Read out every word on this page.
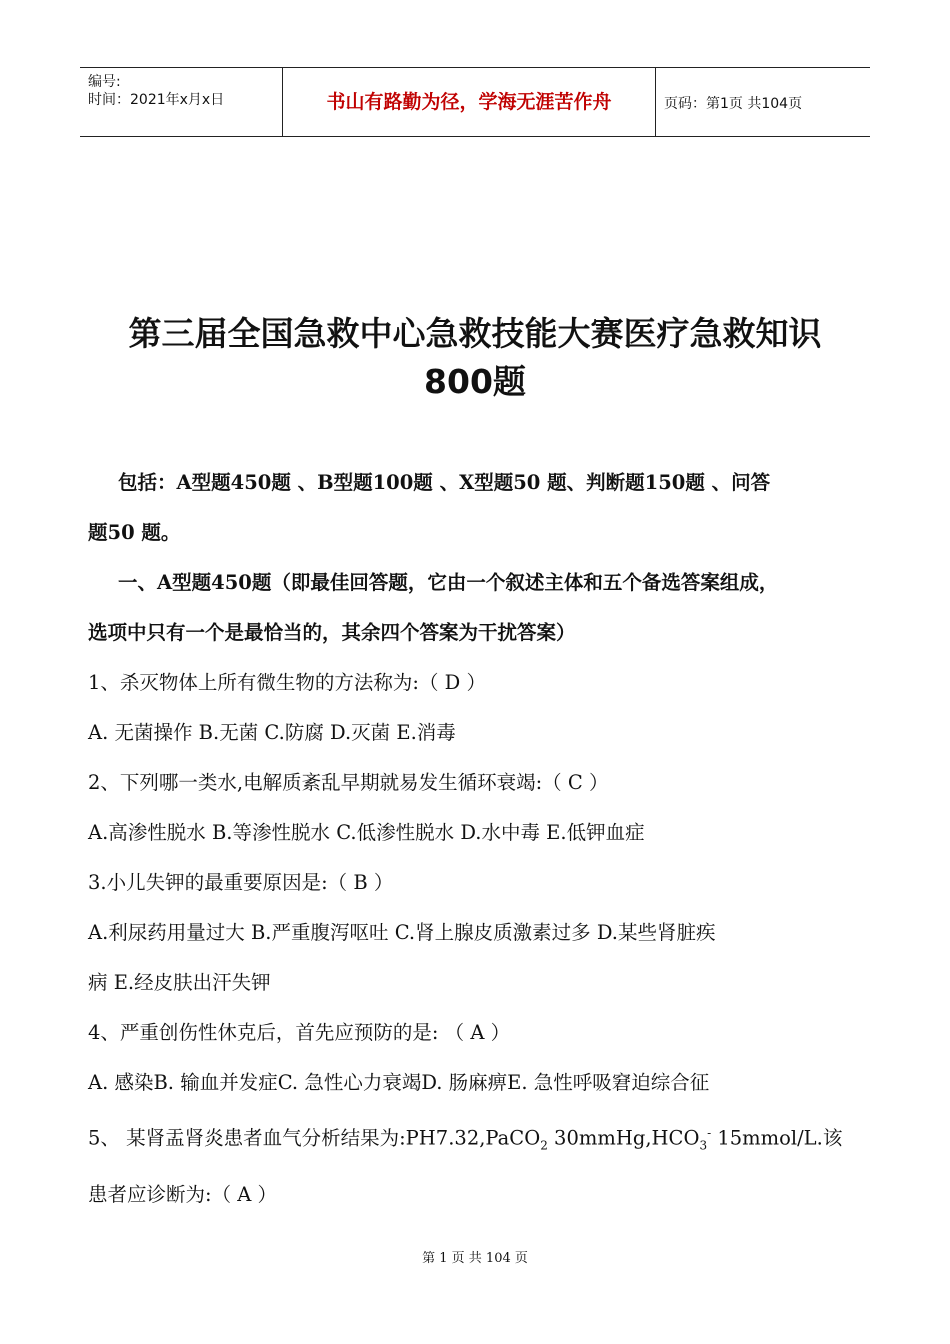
编号:
时间：2021年x月x日	书山有路勤为径，学海无涯苦作舟	页码：第1页 共104页
第三届全国急救中心急救技能大赛医疗急救知识
800题
包括：A型题450题 、B型题100题 、X型题50 题、判断题150题 、问答
题50 题。
一、A型题450题（即最佳回答题，它由一个叙述主体和五个备选答案组成，
选项中只有一个是最恰当的，其余四个答案为干扰答案）
1、杀灭物体上所有微生物的方法称为:（ D ）
A. 无菌操作 B.无菌 C.防腐 D.灭菌 E.消毒
2、下列哪一类水,电解质紊乱早期就易发生循环衰竭:（ C ）
A.高渗性脱水 B.等渗性脱水 C.低渗性脱水 D.水中毒 E.低钾血症
3.小儿失钾的最重要原因是:（ B ）
A.利尿药用量过大 B.严重腹泻呕吐 C.肾上腺皮质激素过多 D.某些肾脏疾
病 E.经皮肤出汗失钾
4、严重创伤性休克后，首先应预防的是: （ A ）
A. 感染B. 输血并发症C. 急性心力衰竭D. 肠麻痹E. 急性呼吸窘迫综合征
5、 某肾盂肾炎患者血气分析结果为:PH7.32,PaCO$_2$ $30mmHg,HCO_3^-$ 15mmol/L.该
患者应诊断为:（ A ）
第 1 页 共 104 页
